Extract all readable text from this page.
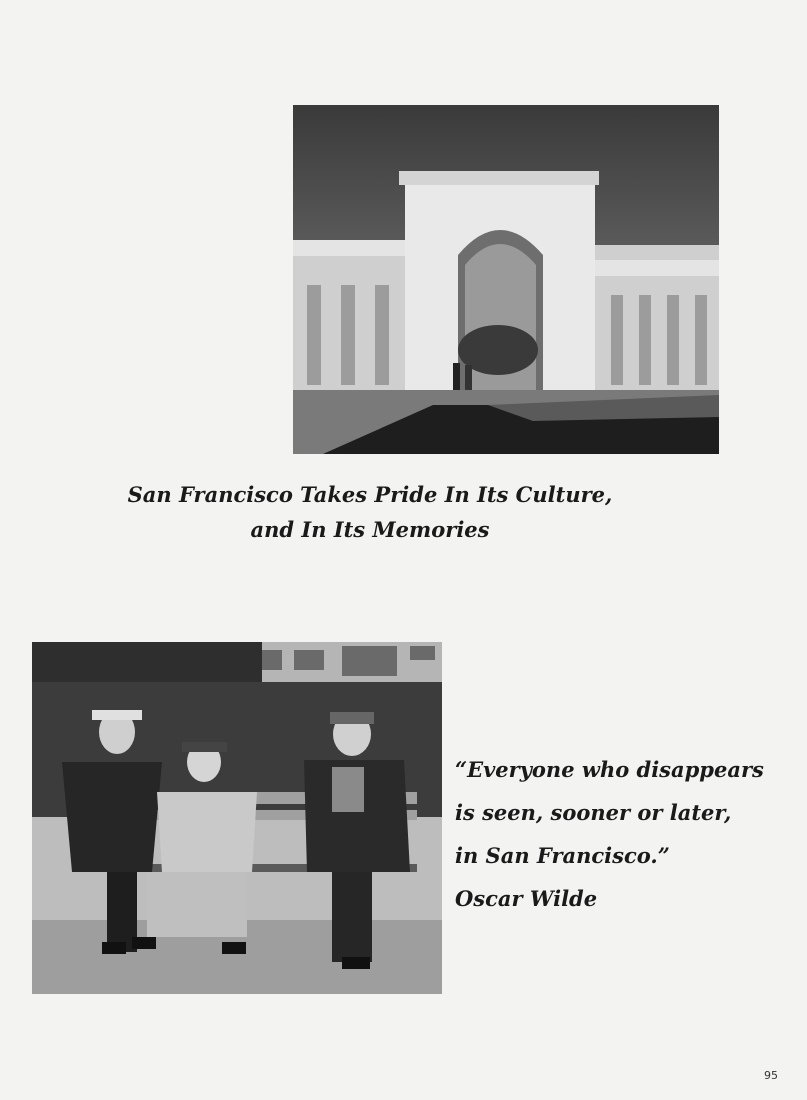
San Francisco Takes Pride In Its Culture,
and In Its Memories
“Everyone who disappears
is seen, sooner or later,
in San Francisco.”
Oscar Wilde
95
